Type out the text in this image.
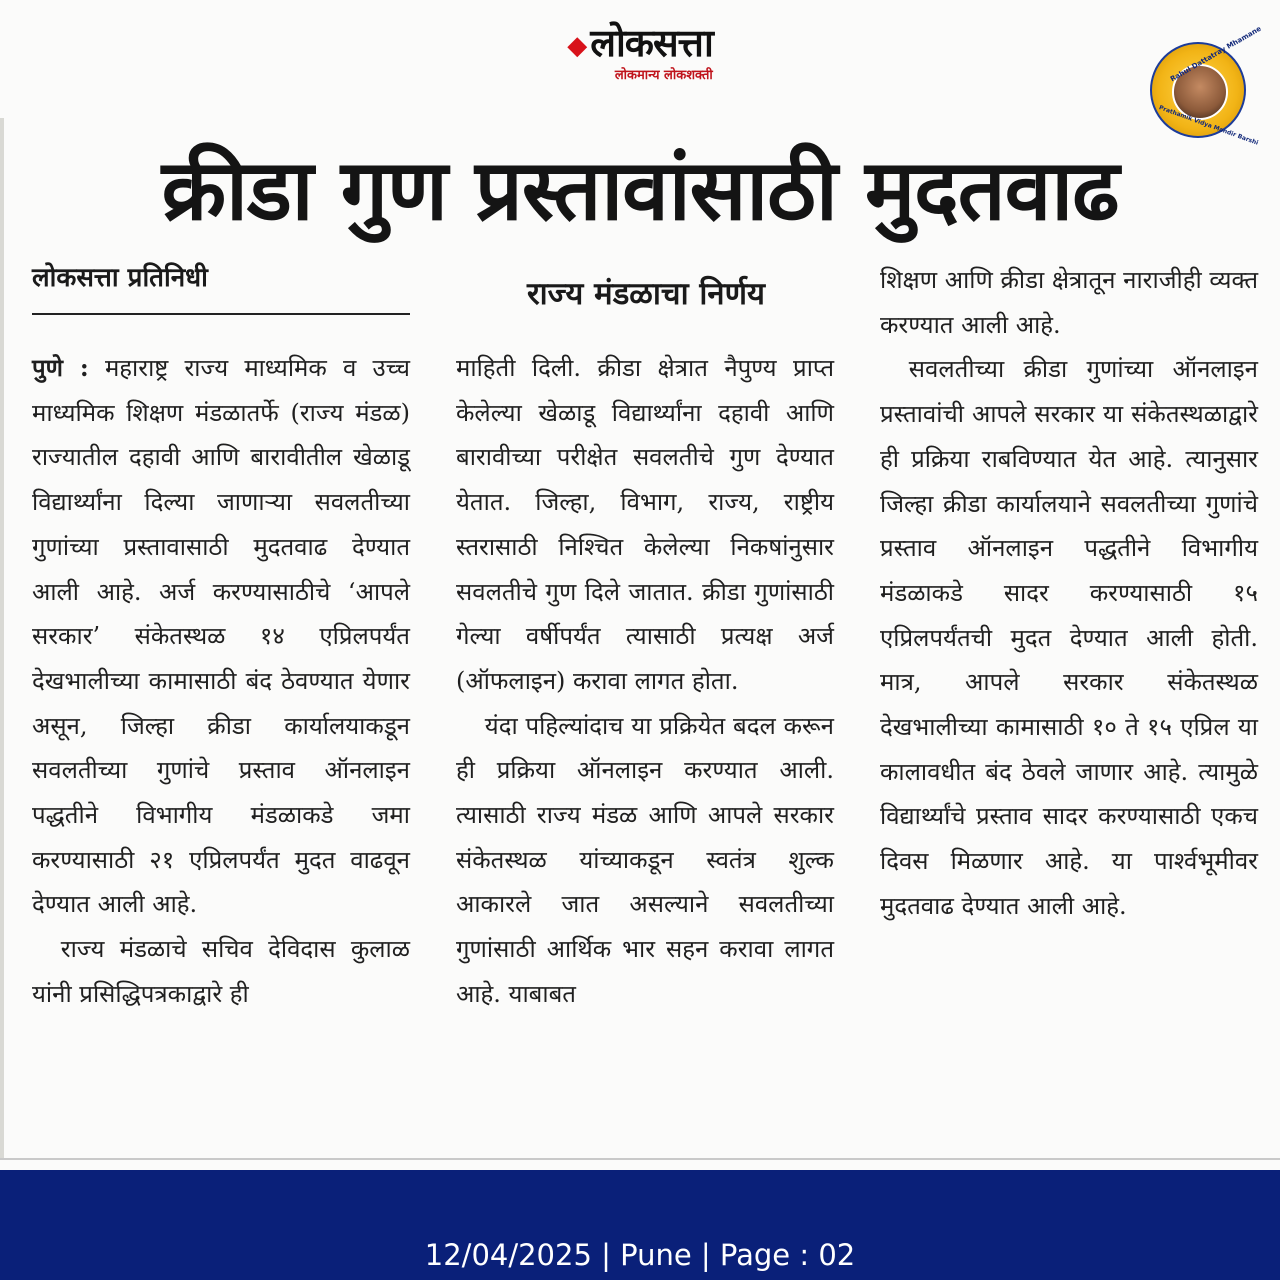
◆ लोकसत्ता
लोकमान्य लोकशक्ती	Rahul Dattatray Mhamane
Prathamik Vidya Mandir Barshi
क्रीडा गुण प्रस्तावांसाठी मुदतवाढ
लोकसत्ता प्रतिनिधी	राज्य मंडळाचा निर्णय

पुणे : महाराष्ट्र राज्य माध्यमिक व उच्च माध्यमिक शिक्षण मंडळातर्फे (राज्य मंडळ) राज्यातील दहावी आणि बारावीतील खेळाडू विद्यार्थ्यांना दिल्या जाणाऱ्या सवलतीच्या गुणांच्या प्रस्तावासाठी मुदतवाढ देण्यात आली आहे. अर्ज करण्यासाठीचे ‘आपले सरकार’ संकेतस्थळ १४ एप्रिलपर्यंत देखभालीच्या कामासाठी बंद ठेवण्यात येणार असून, जिल्हा क्रीडा कार्यालयाकडून सवलतीच्या गुणांचे प्रस्ताव ऑनलाइन पद्धतीने विभागीय मंडळाकडे जमा करण्यासाठी २१ एप्रिलपर्यंत मुदत वाढवून देण्यात आली आहे.

राज्य मंडळाचे सचिव देविदास कुलाळ यांनी प्रसिद्धिपत्रकाद्वारे ही

माहिती दिली. क्रीडा क्षेत्रात नैपुण्य प्राप्त केलेल्या खेळाडू विद्यार्थ्यांना दहावी आणि बारावीच्या परीक्षेत सवलतीचे गुण देण्यात येतात. जिल्हा, विभाग, राज्य, राष्ट्रीय स्तरासाठी निश्चित केलेल्या निकषांनुसार सवलतीचे गुण दिले जातात. क्रीडा गुणांसाठी गेल्या वर्षीपर्यंत त्यासाठी प्रत्यक्ष अर्ज (ऑफलाइन) करावा लागत होता.

यंदा पहिल्यांदाच या प्रक्रियेत बदल करून ही प्रक्रिया ऑनलाइन करण्यात आली. त्यासाठी राज्य मंडळ आणि आपले सरकार संकेतस्थळ यांच्याकडून स्वतंत्र शुल्क आकारले जात असल्याने सवलतीच्या गुणांसाठी आर्थिक भार सहन करावा लागत आहे. याबाबत

शिक्षण आणि क्रीडा क्षेत्रातून नाराजीही व्यक्त करण्यात आली आहे.

सवलतीच्या क्रीडा गुणांच्या ऑनलाइन प्रस्तावांची आपले सरकार या संकेतस्थळाद्वारे ही प्रक्रिया राबविण्यात येत आहे. त्यानुसार जिल्हा क्रीडा कार्यालयाने सवलतीच्या गुणांचे प्रस्ताव ऑनलाइन पद्धतीने विभागीय मंडळाकडे सादर करण्यासाठी १५ एप्रिलपर्यंतची मुदत देण्यात आली होती. मात्र, आपले सरकार संकेतस्थळ देखभालीच्या कामासाठी १० ते १५ एप्रिल या कालावधीत बंद ठेवले जाणार आहे. त्यामुळे विद्यार्थ्यांचे प्रस्ताव सादर करण्यासाठी एकच दिवस मिळणार आहे. या पार्श्वभूमीवर मुदतवाढ देण्यात आली आहे.

12/04/2025 | Pune | Page : 02
